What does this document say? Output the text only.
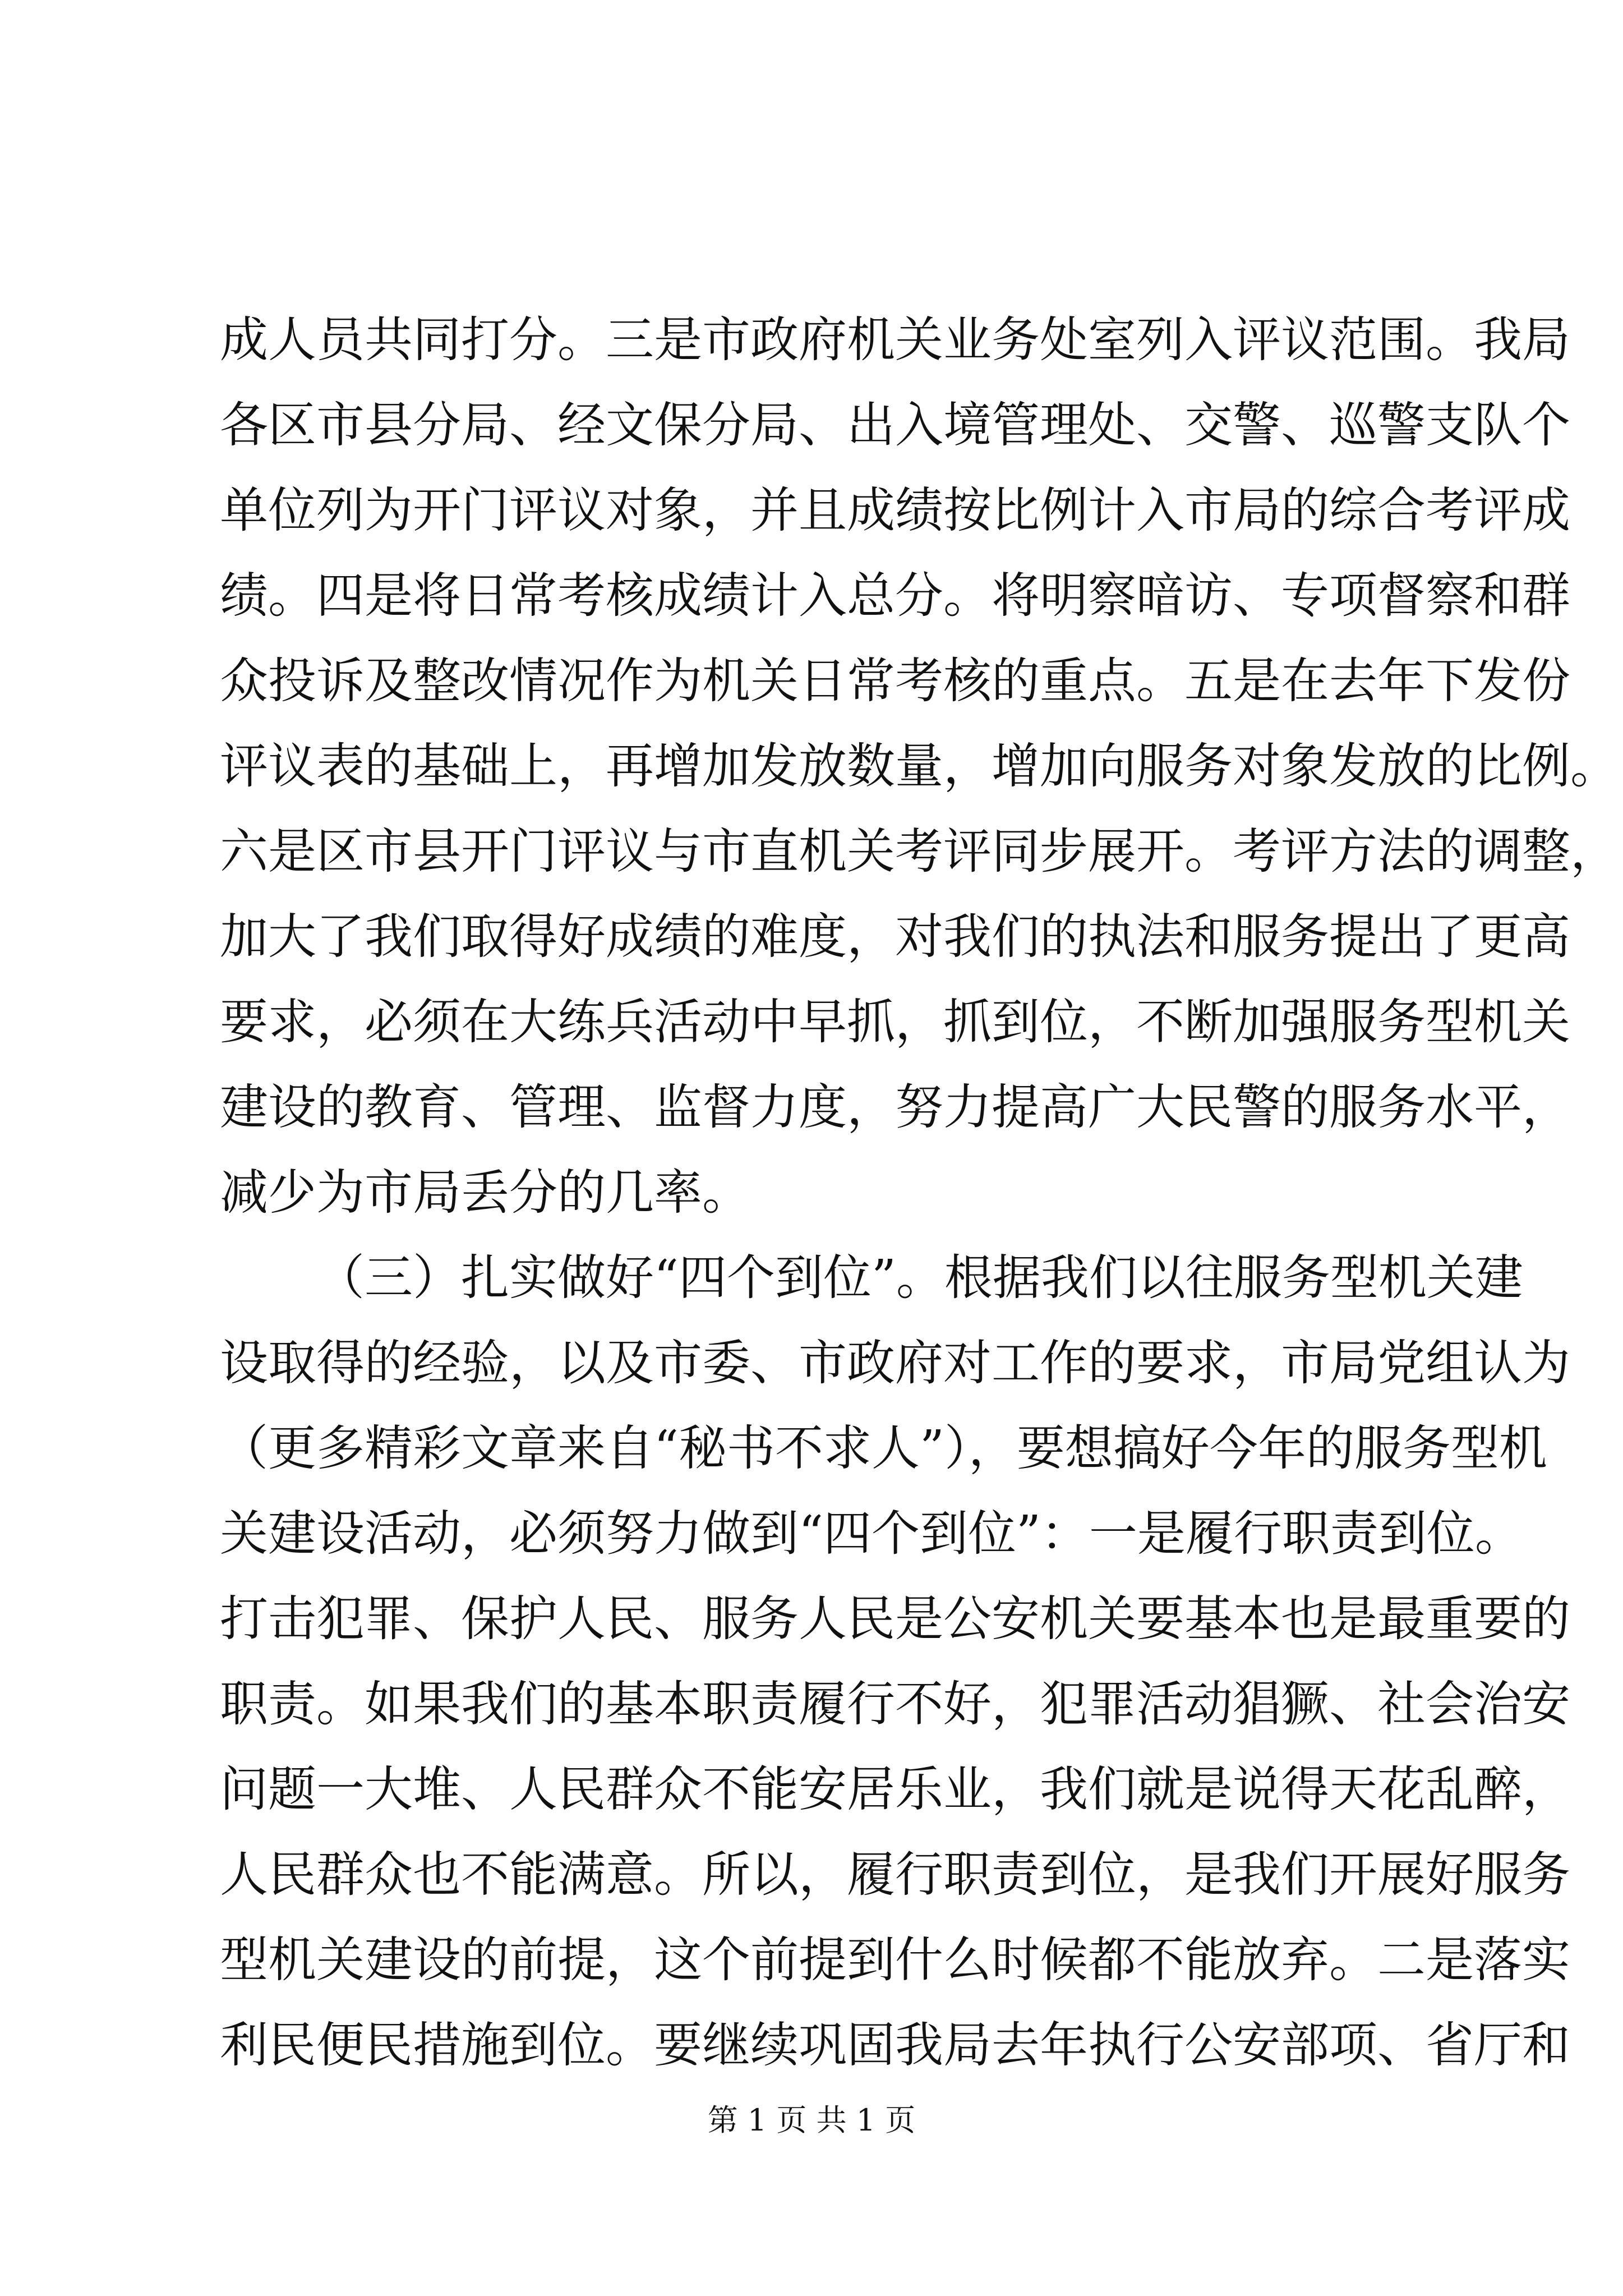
成人员共同打分。三是市政府机关业务处室列入评议范围。我局
各区市县分局、经文保分局、出入境管理处、交警、巡警支队个
单位列为开门评议对象，并且成绩按比例计入市局的综合考评成
绩。四是将日常考核成绩计入总分。将明察暗访、专项督察和群
众投诉及整改情况作为机关日常考核的重点。五是在去年下发份
评议表的基础上，再增加发放数量，增加向服务对象发放的比例。
六是区市县开门评议与市直机关考评同步展开。考评方法的调整，
加大了我们取得好成绩的难度，对我们的执法和服务提出了更高
要求，必须在大练兵活动中早抓，抓到位，不断加强服务型机关
建设的教育、管理、监督力度，努力提高广大民警的服务水平，
减少为市局丢分的几率。
（三）扎实做好“四个到位”。根据我们以往服务型机关建
设取得的经验，以及市委、市政府对工作的要求，市局党组认为
（更多精彩文章来自“秘书不求人”），要想搞好今年的服务型机
关建设活动，必须努力做到“四个到位”：一是履行职责到位。
打击犯罪、保护人民、服务人民是公安机关要基本也是最重要的
职责。如果我们的基本职责履行不好，犯罪活动猖獗、社会治安
问题一大堆、人民群众不能安居乐业，我们就是说得天花乱醉，
人民群众也不能满意。所以，履行职责到位，是我们开展好服务
型机关建设的前提，这个前提到什么时候都不能放弃。二是落实
利民便民措施到位。要继续巩固我局去年执行公安部项、省厅和
第 1 页 共 1 页
